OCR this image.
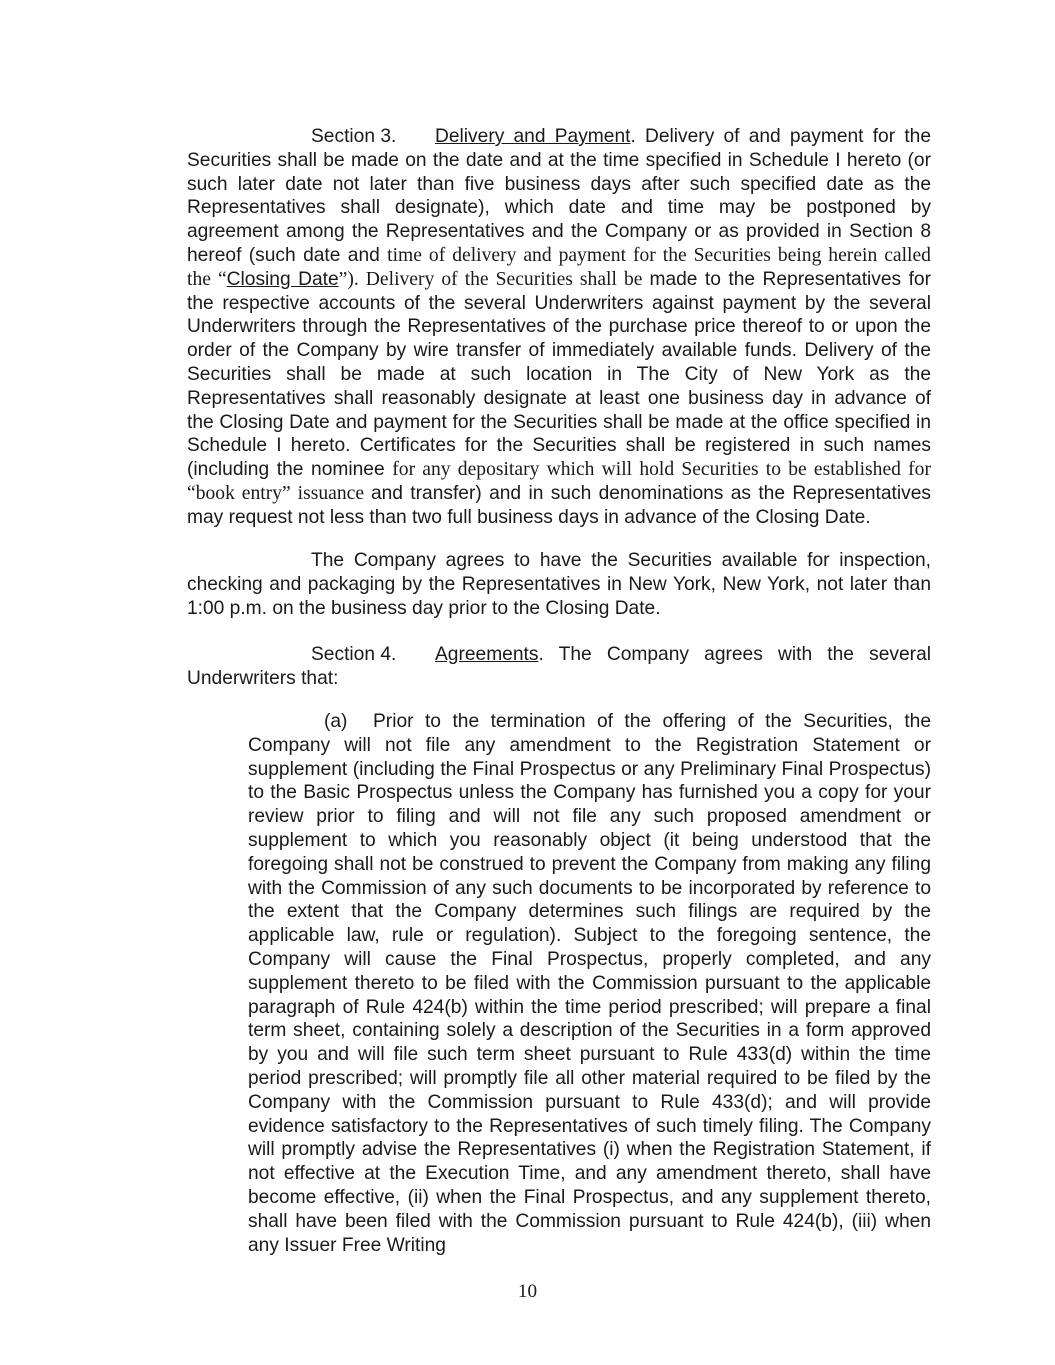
Section 3. Delivery and Payment. Delivery of and payment for the Securities shall be made on the date and at the time specified in Schedule I hereto (or such later date not later than five business days after such specified date as the Representatives shall designate), which date and time may be postponed by agreement among the Representatives and the Company or as provided in Section 8 hereof (such date and time of delivery and payment for the Securities being herein called the “Closing Date”). Delivery of the Securities shall be made to the Representatives for the respective accounts of the several Underwriters against payment by the several Underwriters through the Representatives of the purchase price thereof to or upon the order of the Company by wire transfer of immediately available funds. Delivery of the Securities shall be made at such location in The City of New York as the Representatives shall reasonably designate at least one business day in advance of the Closing Date and payment for the Securities shall be made at the office specified in Schedule I hereto. Certificates for the Securities shall be registered in such names (including the nominee for any depositary which will hold Securities to be established for “book entry” issuance and transfer) and in such denominations as the Representatives may request not less than two full business days in advance of the Closing Date.

The Company agrees to have the Securities available for inspection, checking and packaging by the Representatives in New York, New York, not later than 1:00 p.m. on the business day prior to the Closing Date.

Section 4. Agreements. The Company agrees with the several Underwriters that:

(a) Prior to the termination of the offering of the Securities, the Company will not file any amendment to the Registration Statement or supplement (including the Final Prospectus or any Preliminary Final Prospectus) to the Basic Prospectus unless the Company has furnished you a copy for your review prior to filing and will not file any such proposed amendment or supplement to which you reasonably object (it being understood that the foregoing shall not be construed to prevent the Company from making any filing with the Commission of any such documents to be incorporated by reference to the extent that the Company determines such filings are required by the applicable law, rule or regulation). Subject to the foregoing sentence, the Company will cause the Final Prospectus, properly completed, and any supplement thereto to be filed with the Commission pursuant to the applicable paragraph of Rule 424(b) within the time period prescribed; will prepare a final term sheet, containing solely a description of the Securities in a form approved by you and will file such term sheet pursuant to Rule 433(d) within the time period prescribed; will promptly file all other material required to be filed by the Company with the Commission pursuant to Rule 433(d); and will provide evidence satisfactory to the Representatives of such timely filing. The Company will promptly advise the Representatives (i) when the Registration Statement, if not effective at the Execution Time, and any amendment thereto, shall have become effective, (ii) when the Final Prospectus, and any supplement thereto, shall have been filed with the Commission pursuant to Rule 424(b), (iii) when any Issuer Free Writing

10
